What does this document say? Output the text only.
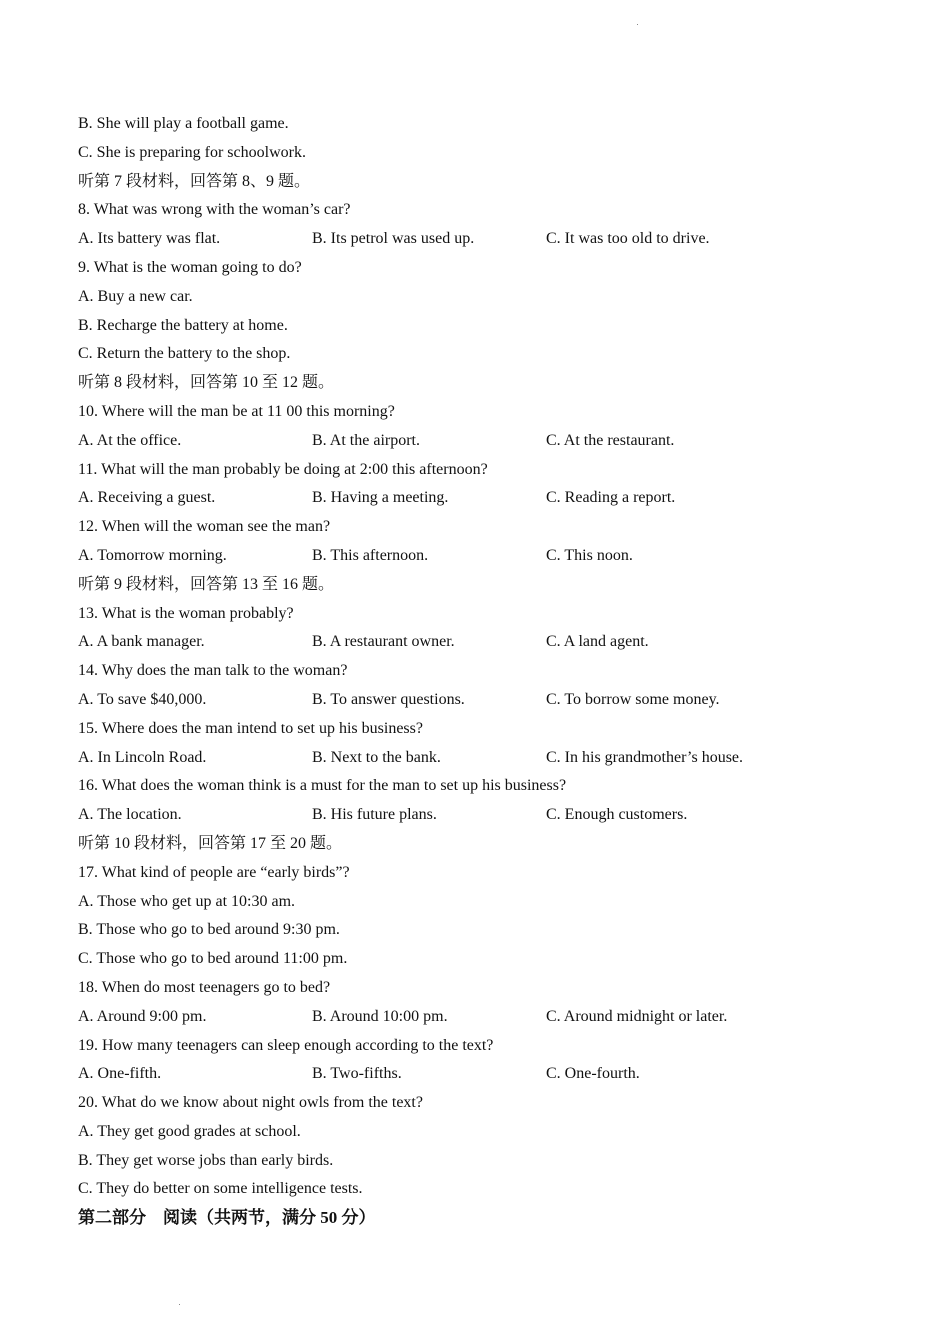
B. She will play a football game.
C. She is preparing for schoolwork.
听第 7 段材料，回答第 8、9 题。
8. What was wrong with the woman’s car?
A. Its battery was flat.	B. Its petrol was used up.	C. It was too old to drive.
9. What is the woman going to do?
A. Buy a new car.
B. Recharge the battery at home.
C. Return the battery to the shop.
听第 8 段材料，回答第 10 至 12 题。
10. Where will the man be at 11 00 this morning?
A. At the office.	B. At the airport.	C. At the restaurant.
11. What will the man probably be doing at 2:00 this afternoon?
A. Receiving a guest.	B. Having a meeting.	C. Reading a report.
12. When will the woman see the man?
A. Tomorrow morning.	B. This afternoon.	C. This noon.
听第 9 段材料，回答第 13 至 16 题。
13. What is the woman probably?
A. A bank manager.	B. A restaurant owner.	C. A land agent.
14. Why does the man talk to the woman?
A. To save $40,000.	B. To answer questions.	C. To borrow some money.
15. Where does the man intend to set up his business?
A. In Lincoln Road.	B. Next to the bank.	C. In his grandmother’s house.
16. What does the woman think is a must for the man to set up his business?
A. The location.	B. His future plans.	C. Enough customers.
听第 10 段材料，回答第 17 至 20 题。
17. What kind of people are “early birds”?
A. Those who get up at 10:30 am.
B. Those who go to bed around 9:30 pm.
C. Those who go to bed around 11:00 pm.
18. When do most teenagers go to bed?
A. Around 9:00 pm.	B. Around 10:00 pm.	C. Around midnight or later.
19. How many teenagers can sleep enough according to the text?
A. One-fifth.	B. Two-fifths.	C. One-fourth.
20. What do we know about night owls from the text?
A. They get good grades at school.
B. They get worse jobs than early birds.
C. They do better on some intelligence tests.
第二部分　阅读（共两节，满分 50 分）
